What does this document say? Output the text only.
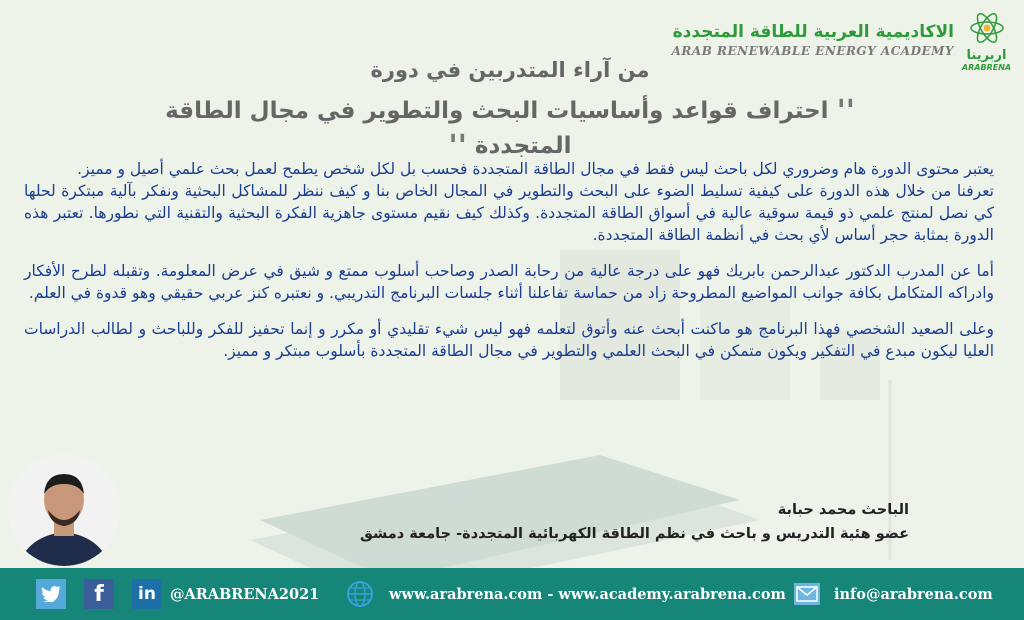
اربرينا
ARABRENA
الاكاديمية العربية للطاقة المتجددة
ARAB RENEWABLE ENERGY ACADEMY
من آراء المتدربين في دورة
'' احتراف قواعد وأساسيات البحث والتطوير في مجال الطاقة المتجددة ''

يعتبر محتوى الدورة هام وضروري لكل باحث ليس فقط في مجال الطاقة المتجددة فحسب بل لكل شخص يطمح لعمل بحث علمي أصيل و مميز.

تعرفنا من خلال هذه الدورة على كيفية تسليط الضوء على البحث والتطوير في المجال الخاص بنا و كيف ننظر للمشاكل البحثية ونفكر بآلية مبتكرة لحلها كي نصل لمنتج علمي ذو قيمة سوقية عالية في أسواق الطاقة المتجددة. وكذلك كيف نقيم مستوى جاهزية الفكرة البحثية والتقنية التي نطورها. تعتبر هذه الدورة بمثابة حجر أساس لأي بحث في أنظمة الطاقة المتجددة.

أما عن المدرب الدكتور عبدالرحمن بابريك فهو على درجة عالية من رحابة الصدر وصاحب أسلوب ممتع و شيق في عرض المعلومة. وتقبله لطرح الأفكار وادراكه المتكامل بكافة جوانب المواضيع المطروحة زاد من حماسة تفاعلنا أثناء جلسات البرنامج التدريبي. و نعتبره كنز عربي حقيقي وهو قدوة في العلم.

وعلى الصعيد الشخصي فهذا البرنامج هو ماكنت أبحث عنه وأتوق لتعلمه فهو ليس شيء تقليدي أو مكرر و إنما تحفيز للفكر وللباحث و لطالب الدراسات العليا ليكون مبدع في التفكير ويكون متمكن في البحث العلمي والتطوير في مجال الطاقة المتجددة بأسلوب مبتكر و مميز.

الباحث محمد حبابة
عضو هئية التدريس و باحث في نظم الطاقة الكهربائية المتجددة- جامعة دمشق
f	in @ARABRENA2021	www.arabrena.com - www.academy.arabrena.com	info@arabrena.com
